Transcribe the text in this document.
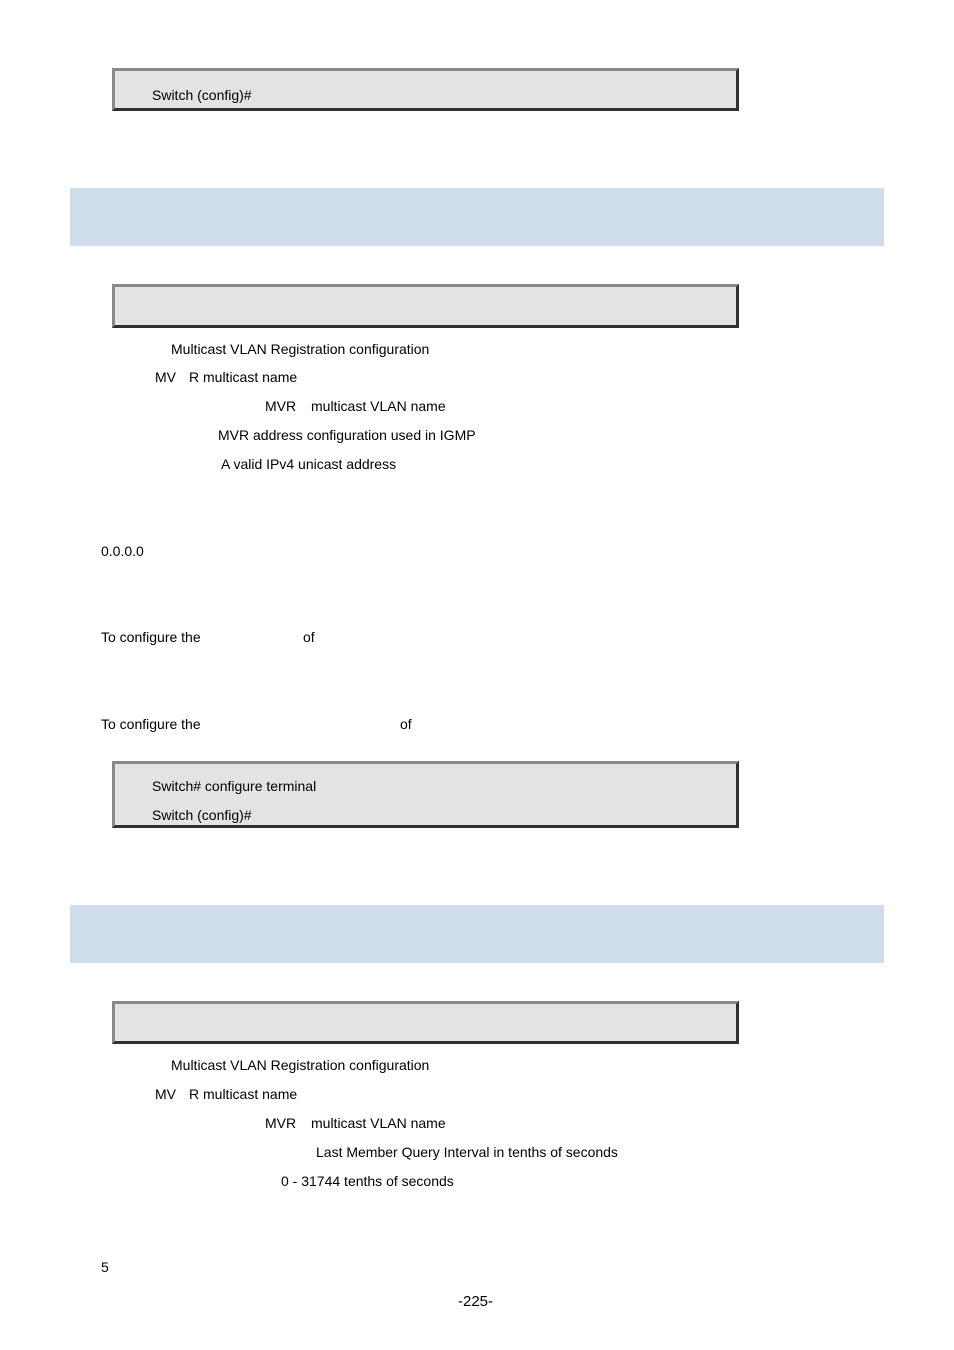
Switch (config)#
Multicast VLAN Registration configuration
MV R multicast name
MVR multicast VLAN name
MVR address configuration used in IGMP
A valid IPv4 unicast address
0.0.0.0
To configure the	of
To configure the	of
Switch# configure terminal
Switch (config)#
Multicast VLAN Registration configuration
MV R multicast name
MVR multicast VLAN name
Last Member Query Interval in tenths of seconds
0 - 31744 tenths of seconds
5
-225-
